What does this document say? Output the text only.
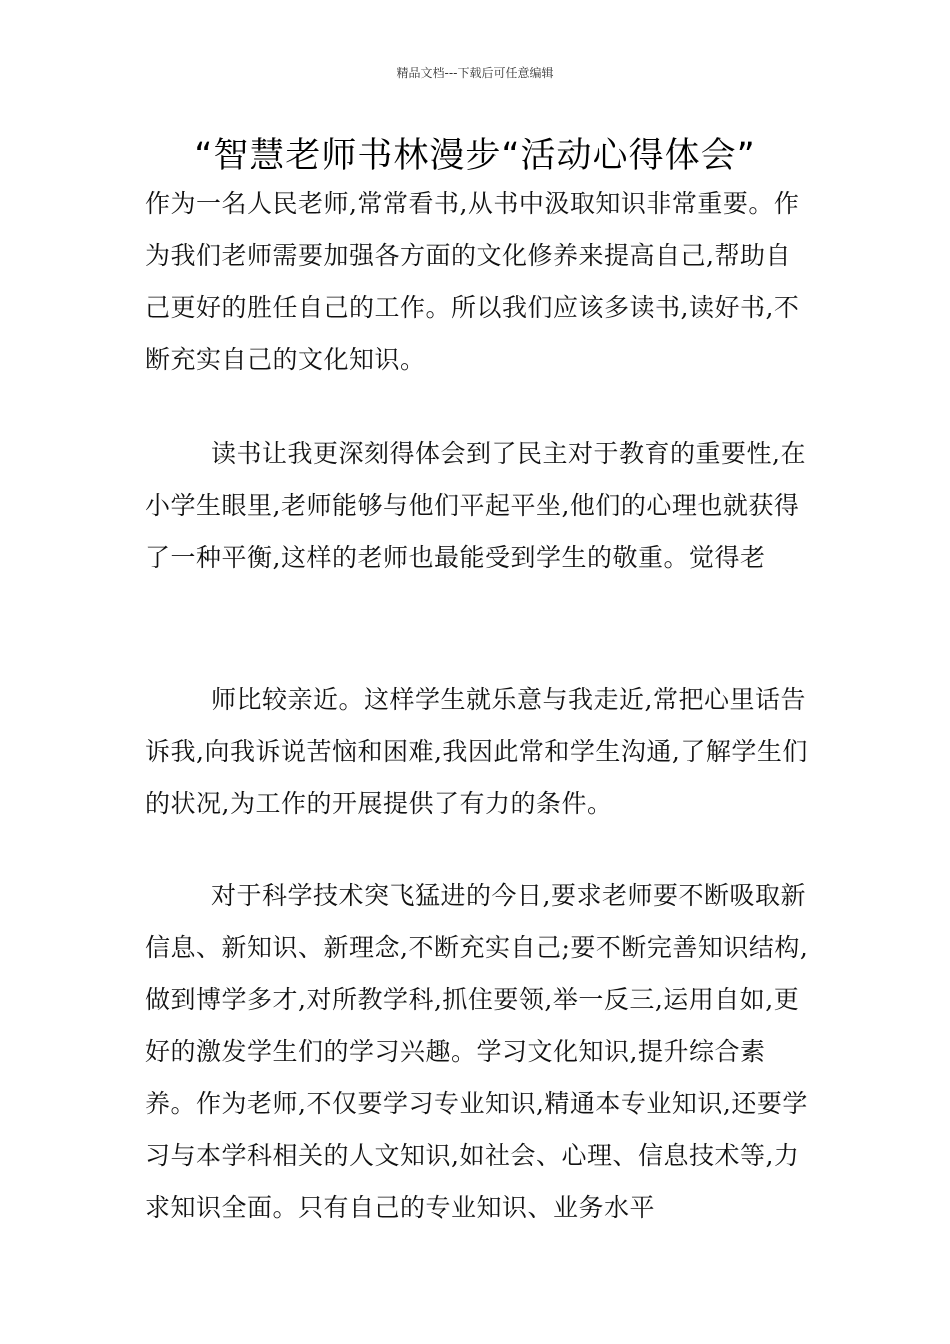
精品文档---下载后可任意编辑
“智慧老师书林漫步“活动心得体会”

作为一名人民老师,常常看书,从书中汲取知识非常重要。作为我们老师需要加强各方面的文化修养来提高自己,帮助自己更好的胜任自己的工作。所以我们应该多读书,读好书,不断充实自己的文化知识。

读书让我更深刻得体会到了民主对于教育的重要性,在小学生眼里,老师能够与他们平起平坐,他们的心理也就获得了一种平衡,这样的老师也最能受到学生的敬重。觉得老

师比较亲近。这样学生就乐意与我走近,常把心里话告诉我,向我诉说苦恼和困难,我因此常和学生沟通,了解学生们的状况,为工作的开展提供了有力的条件。

对于科学技术突飞猛进的今日,要求老师要不断吸取新信息、新知识、新理念,不断充实自己;要不断完善知识结构,做到博学多才,对所教学科,抓住要领,举一反三,运用自如,更好的激发学生们的学习兴趣。学习文化知识,提升综合素养。作为老师,不仅要学习专业知识,精通本专业知识,还要学习与本学科相关的人文知识,如社会、心理、信息技术等,力求知识全面。只有自己的专业知识、业务水平
